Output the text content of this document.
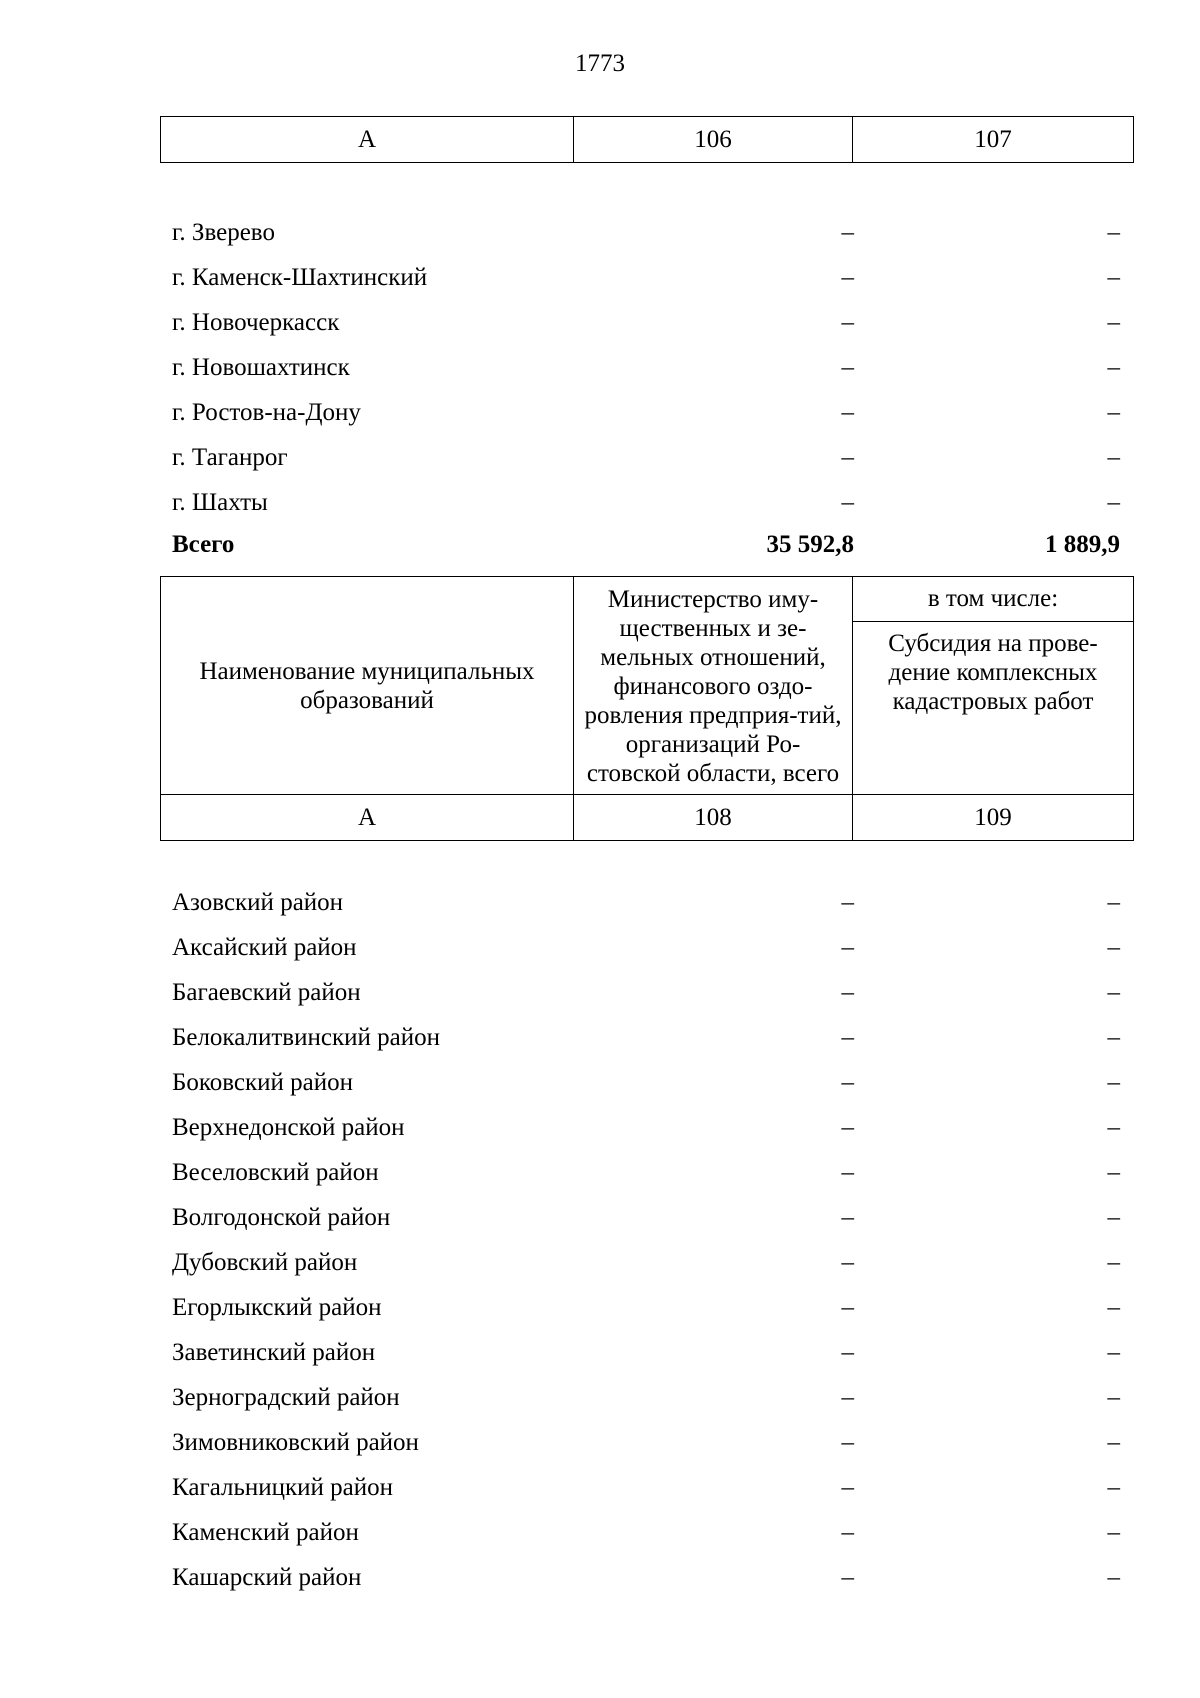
1773
А	106	107
г. Зверево	–	–
г. Каменск-Шахтинский	–	–
г. Новочеркасск	–	–
г. Новошахтинск	–	–
г. Ростов-на-Дону	–	–
г. Таганрог	–	–
г. Шахты	–	–
Всего	35 592,8	1 889,9
Наименование муниципальных образований	Министерство иму-щественных и зе-мельных отношений, финансового оздо-ровления предприя-тий, организаций Ро-стовской области, всего	в том числе:
		Субсидия на прове-дение комплексных кадастровых работ
А	108	109
Азовский район	–	–
Аксайский район	–	–
Багаевский район	–	–
Белокалитвинский район	–	–
Боковский район	–	–
Верхнедонской район	–	–
Веселовский район	–	–
Волгодонской район	–	–
Дубовский район	–	–
Егорлыкский район	–	–
Заветинский район	–	–
Зерноградский район	–	–
Зимовниковский район	–	–
Кагальницкий район	–	–
Каменский район	–	–
Кашарский район	–	–
